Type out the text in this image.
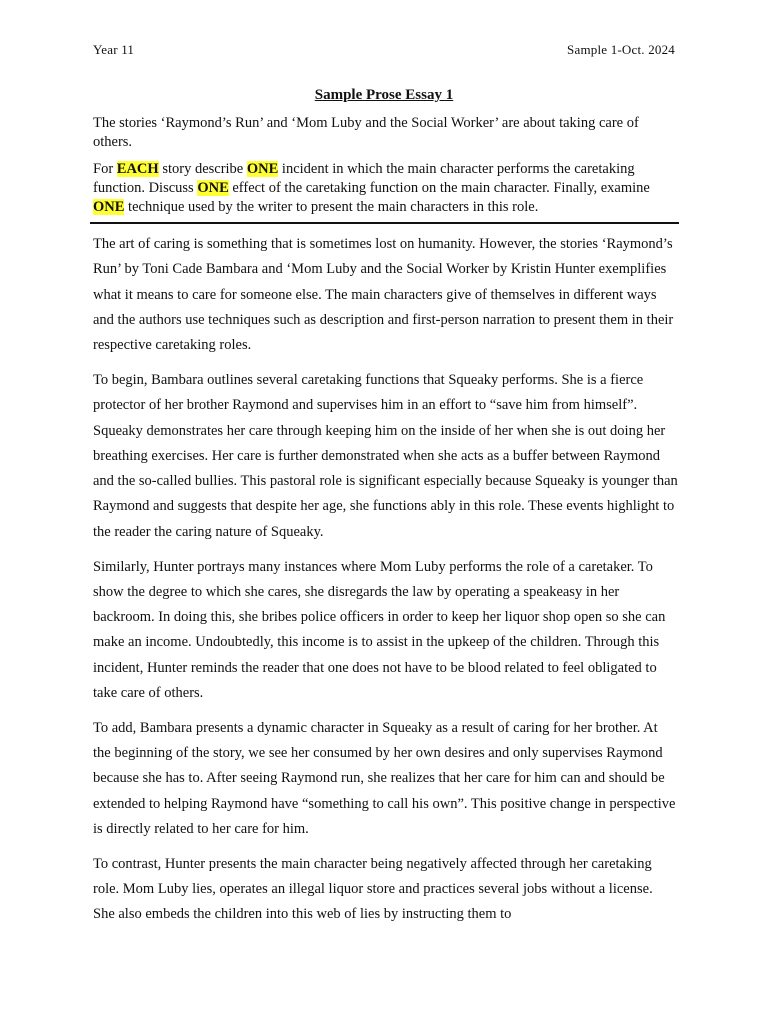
Year 11	Sample 1-Oct. 2024
Sample Prose Essay 1

The stories ‘Raymond’s Run’ and ‘Mom Luby and the Social Worker’ are about taking care of others.

For EACH story describe ONE incident in which the main character performs the caretaking function. Discuss ONE effect of the caretaking function on the main character. Finally, examine ONE technique used by the writer to present the main characters in this role.

The art of caring is something that is sometimes lost on humanity. However, the stories ‘Raymond’s Run’ by Toni Cade Bambara and ‘Mom Luby and the Social Worker by Kristin Hunter exemplifies what it means to care for someone else. The main characters give of themselves in different ways and the authors use techniques such as description and first-person narration to present them in their respective caretaking roles.

To begin, Bambara outlines several caretaking functions that Squeaky performs. She is a fierce protector of her brother Raymond and supervises him in an effort to “save him from himself”. Squeaky demonstrates her care through keeping him on the inside of her when she is out doing her breathing exercises. Her care is further demonstrated when she acts as a buffer between Raymond and the so-called bullies. This pastoral role is significant especially because Squeaky is younger than Raymond and suggests that despite her age, she functions ably in this role. These events highlight to the reader the caring nature of Squeaky.

Similarly, Hunter portrays many instances where Mom Luby performs the role of a caretaker. To show the degree to which she cares, she disregards the law by operating a speakeasy in her backroom. In doing this, she bribes police officers in order to keep her liquor shop open so she can make an income. Undoubtedly, this income is to assist in the upkeep of the children. Through this incident, Hunter reminds the reader that one does not have to be blood related to feel obligated to take care of others.

To add, Bambara presents a dynamic character in Squeaky as a result of caring for her brother. At the beginning of the story, we see her consumed by her own desires and only supervises Raymond because she has to. After seeing Raymond run, she realizes that her care for him can and should be extended to helping Raymond have “something to call his own”. This positive change in perspective is directly related to her care for him.

To contrast, Hunter presents the main character being negatively affected through her caretaking role. Mom Luby lies, operates an illegal liquor store and practices several jobs without a license. She also embeds the children into this web of lies by instructing them to
